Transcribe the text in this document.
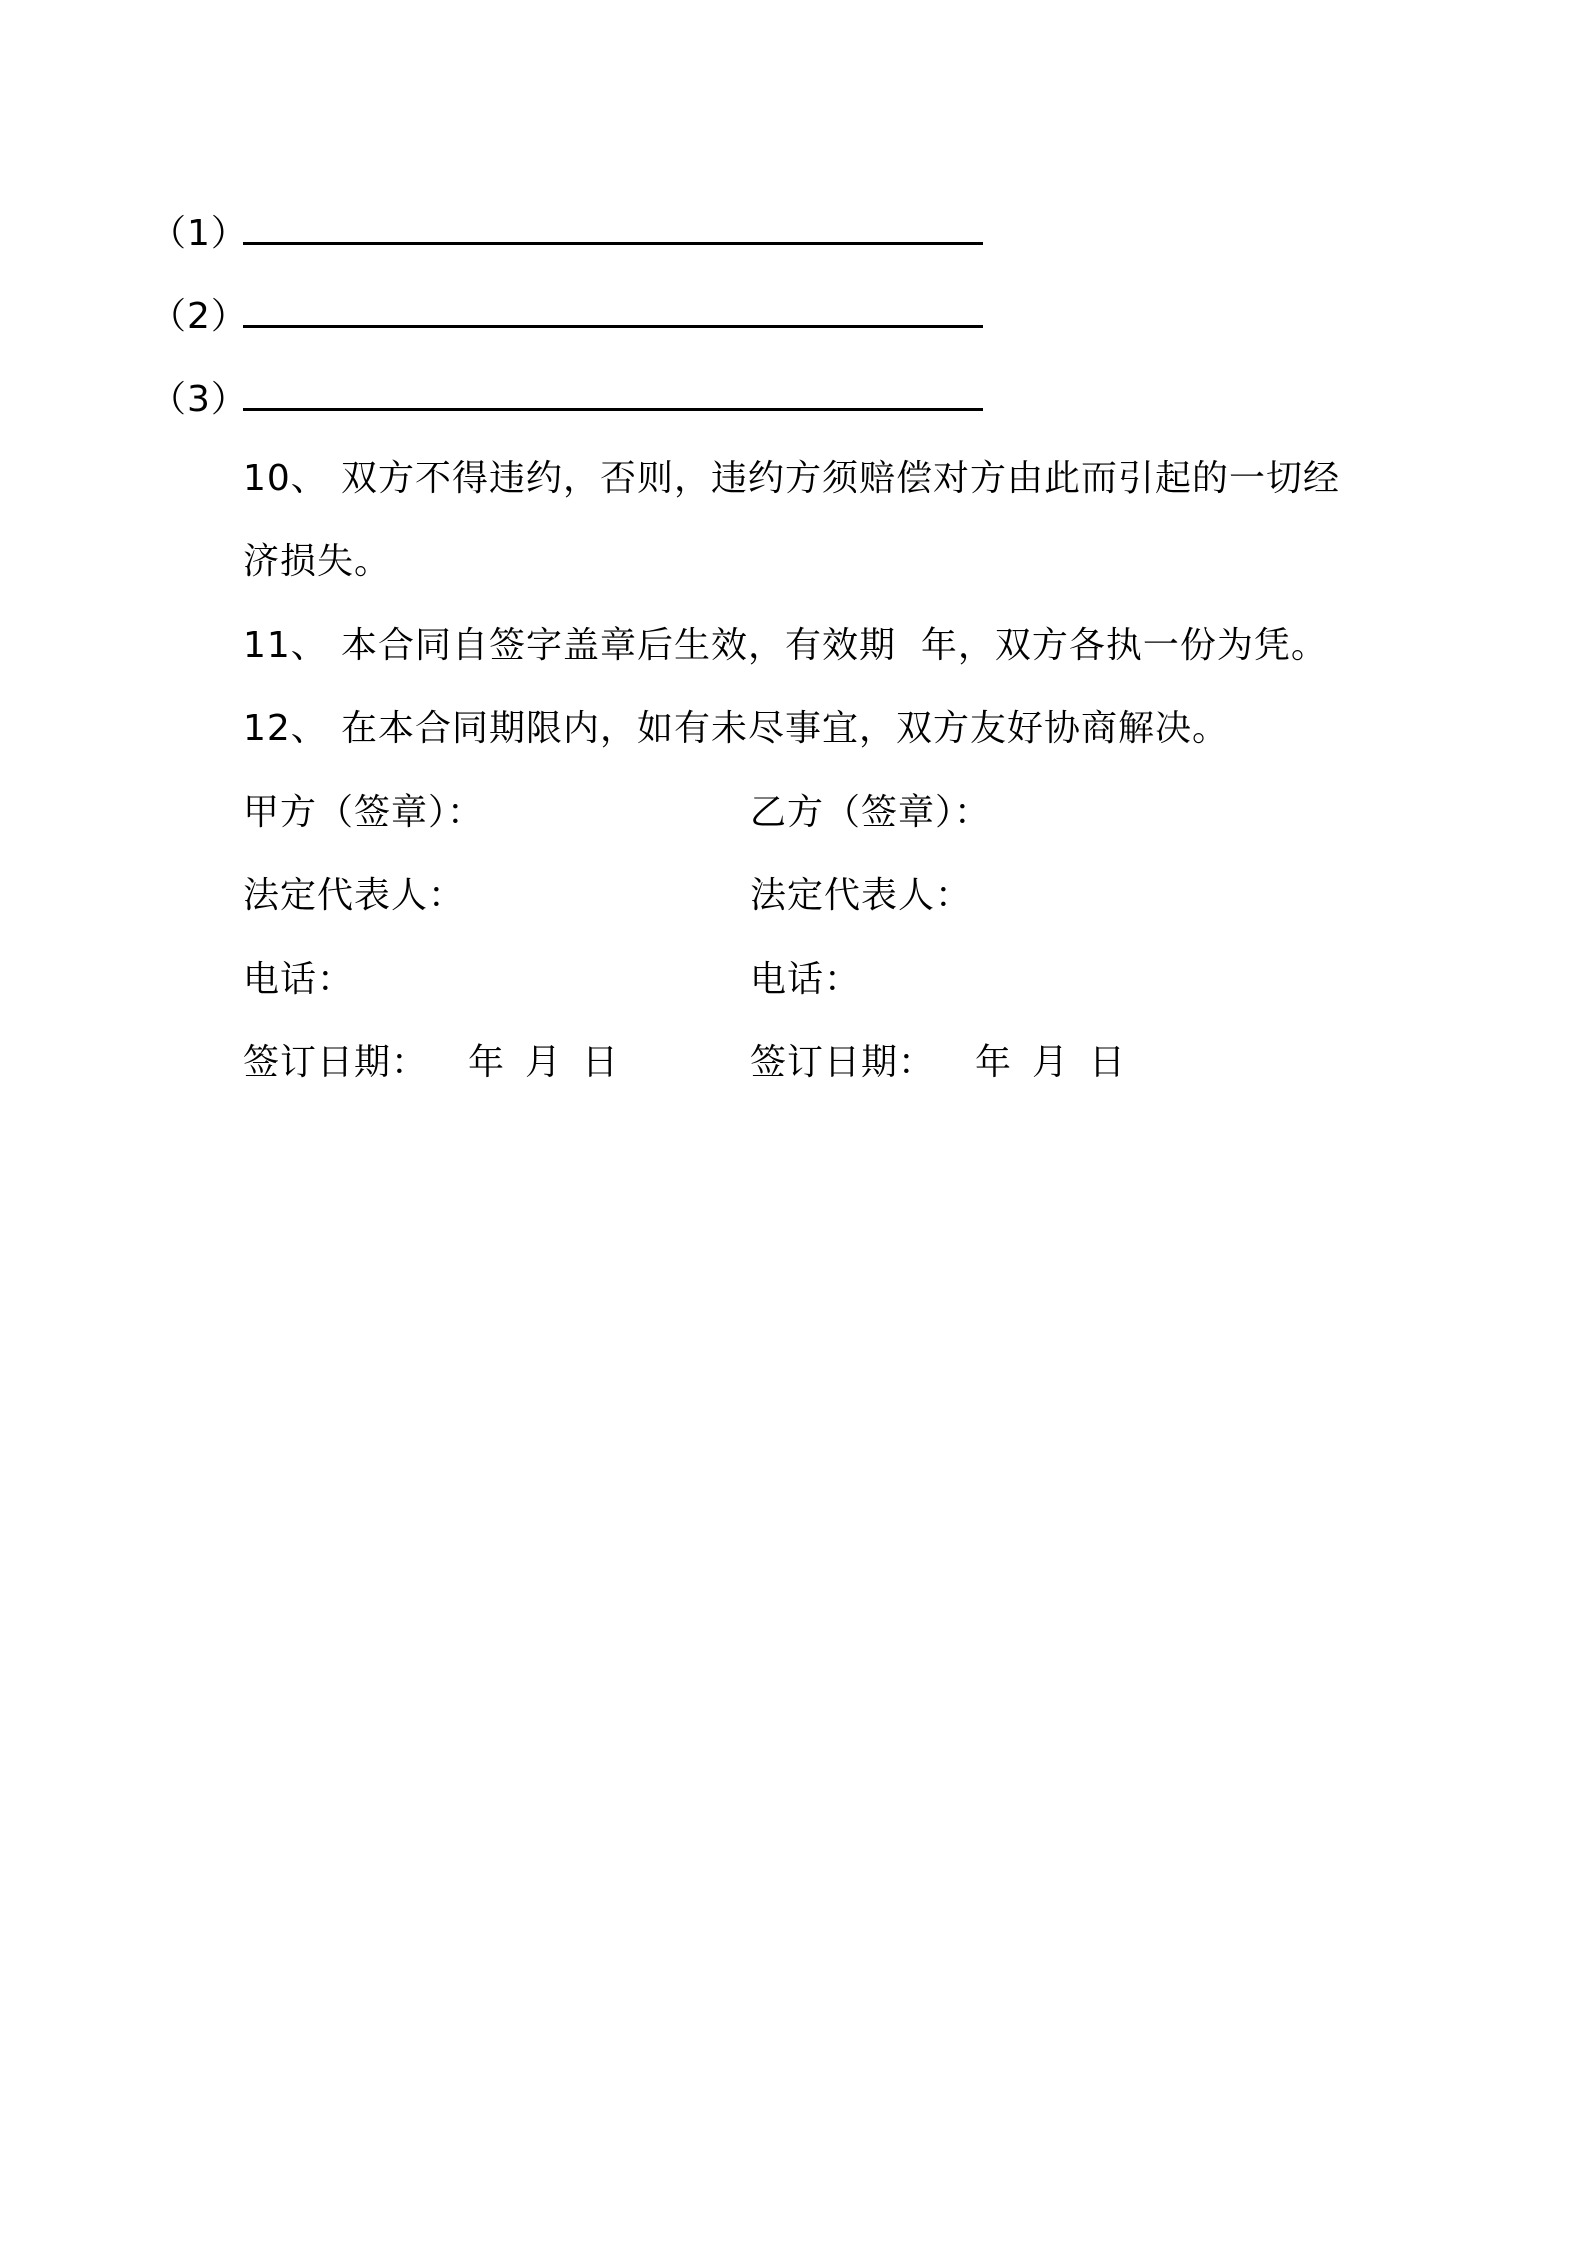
（1）
（2）
（3）
10、 双方不得违约，否则，违约方须赔偿对方由此而引起的一切经
济损失。
11、 本合同自签字盖章后生效，有效期  年，双方各执一份为凭。
12、 在本合同期限内，如有未尽事宜，双方友好协商解决。
甲方（签章）：	乙方（签章）：
法定代表人：	法定代表人：
电话：	电话：
签订日期： 年 月 日	签订日期： 年 月 日
